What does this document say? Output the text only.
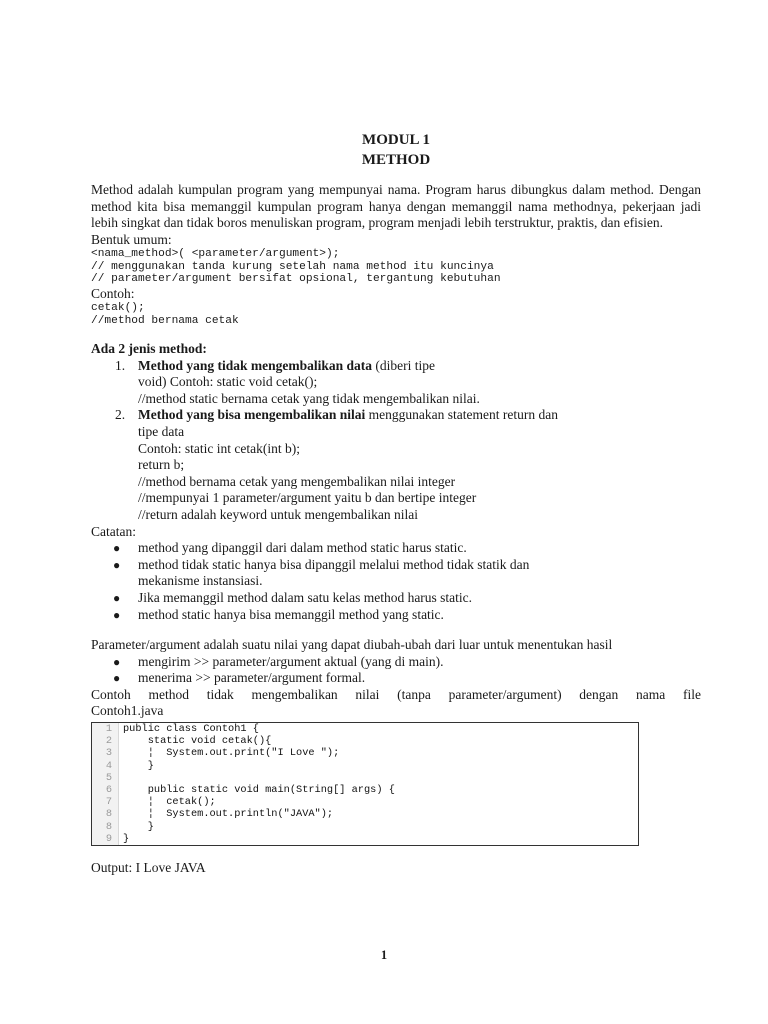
MODUL 1
METHOD

Method adalah kumpulan program yang mempunyai nama. Program harus dibungkus dalam method. Dengan method kita bisa memanggil kumpulan program hanya dengan memanggil nama methodnya, pekerjaan jadi lebih singkat dan tidak boros menuliskan program, program menjadi lebih terstruktur, praktis, dan efisien.

Bentuk umum:

<nama_method>( <parameter/argument>);
// menggunakan tanda kurung setelah nama method itu kuncinya
// parameter/argument bersifat opsional, tergantung kebutuhan

Contoh:

cetak();
//method bernama cetak

Ada 2 jenis method:

1. Method yang tidak mengembalikan data (diberi tipe
void) Contoh: static void cetak();
//method static bernama cetak yang tidak mengembalikan nilai.
2. Method yang bisa mengembalikan nilai menggunakan statement return dan
tipe data
Contoh: static int cetak(int b);
return b;
//method bernama cetak yang mengembalikan nilai integer
//mempunyai 1 parameter/argument yaitu b dan bertipe integer
//return adalah keyword untuk mengembalikan nilai

Catatan:

● method yang dipanggil dari dalam method static harus static.
● method tidak static hanya bisa dipanggil melalui method tidak statik dan
mekanisme instansiasi.
● Jika memanggil method dalam satu kelas method harus static.
● method static hanya bisa memanggil method yang static.

Parameter/argument adalah suatu nilai yang dapat diubah-ubah dari luar untuk menentukan hasil

● mengirim >> parameter/argument aktual (yang di main).
● menerima >> parameter/argument formal.

Contoh method tidak mengembalikan nilai (tanpa parameter/argument) dengan nama file

Contoh1.java

1	public class Contoh1 {
2	static void cetak(){
3	¦  System.out.print("I Love ");
4	}
5
6	public static void main(String[] args) {
7	¦  cetak();
8	¦  System.out.println("JAVA");
8	}
9	}

Output: I Love JAVA

1
